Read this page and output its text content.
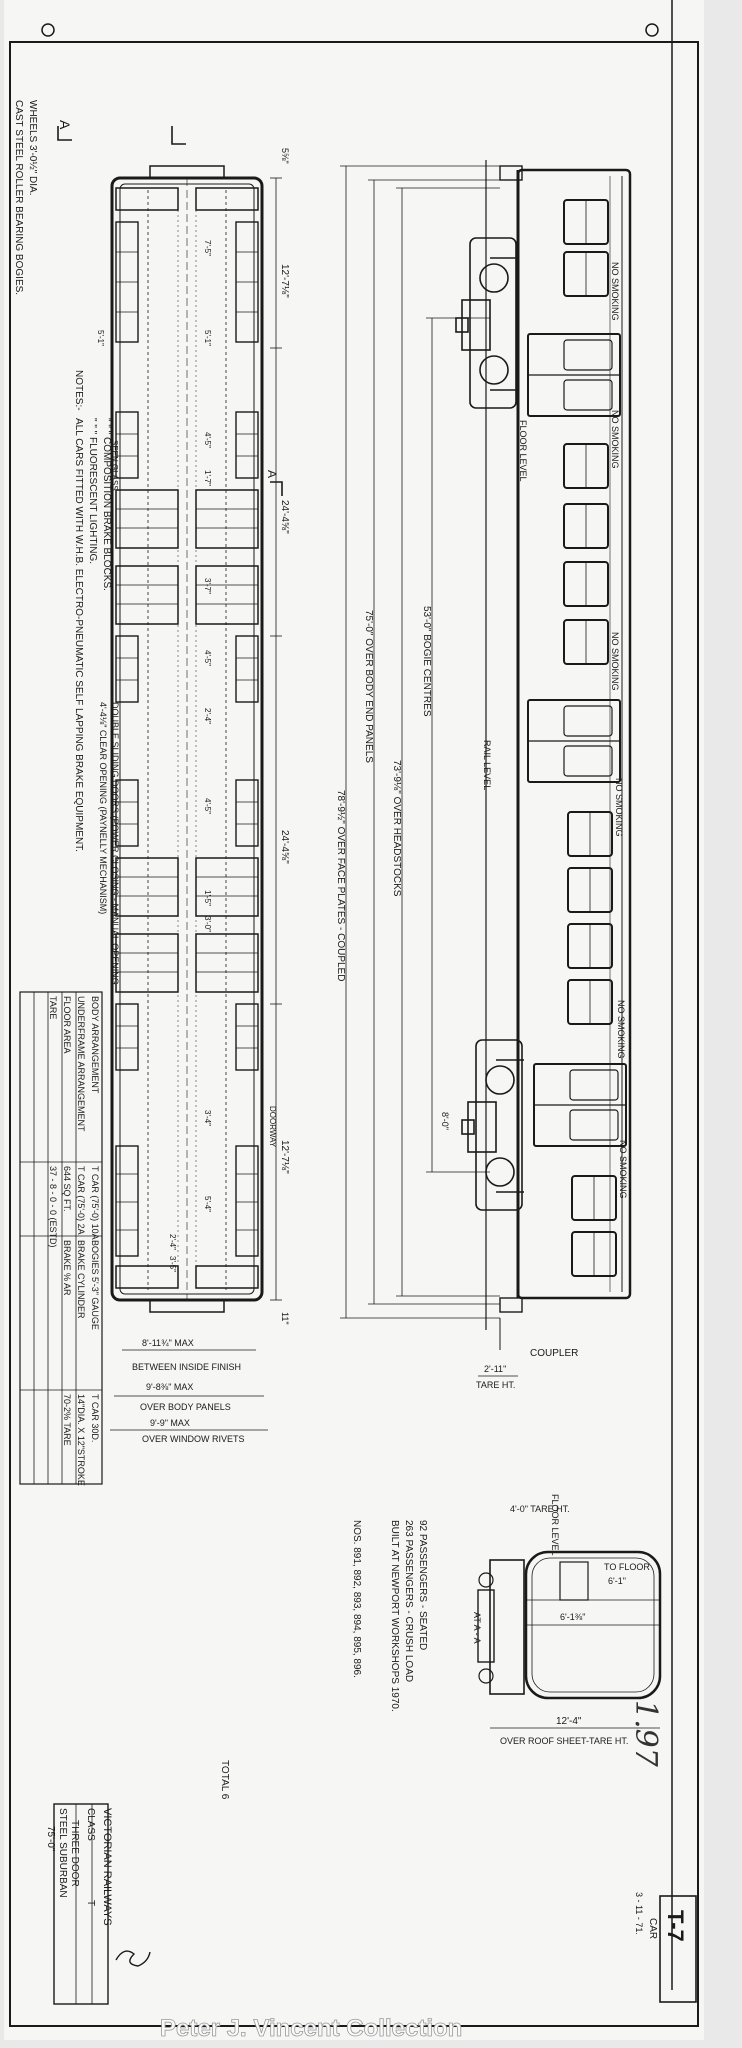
CAST STEEL ROLLER BEARING BOGIES. WHEELS 3'-0½" DIA.
NOTES:-
ALL CARS FITTED WITH W.H.B. ELECTRO-PNEUMATIC SELF LAPPING BRAKE EQUIPMENT. " " " FLUORESCENT LIGHTING. " " " COMPOSITION BRAKE BLOCKS.
A
BODY ARRANGEMENT
T CAR (75'-0) 10A
UNDERFRAME ARRANGEMENT
T CAR (75'-0) 2A
FLOOR AREA
644 SQ FT.
TARE
37 - 8 - 0 - 0 (ESTD)
BOGIES 5'-3" GAUGE
T CAR 30D.
BRAKE CYLINDER
14"DIA. X 12"STROKE
BRAKE % AR
70-2% TARE
7'-5"
5'-1"
4'-5"
1'-7"
3'-7"
4'-5"
2'-4"
4'-5"
1'-5"
3'-0"
3'-4"
5'-4"
3'-5"
2'-4"
5'-1"
SEEN GLASS
DOUBLE SLIDING DOORS (POWER CLOSING - MANUAL OPENING
4'-4⅛" CLEAR OPENING (PAYNELLY MECHANISM)
A
12'-7⅛"
24'-4⅝"
24'-4⅝"
12'-7⅛"
5⅝"
11"
DOORWAY
8'-11¾" MAX
BETWEEN INSIDE FINISH
9'-8⅜" MAX
OVER BODY PANELS
9'-9" MAX
OVER WINDOW RIVETS
78'-9½" OVER FACE PLATES - COUPLED
75'-0" OVER BODY END PANELS
73'-9⅛" OVER HEADSTOCKS
53'-0" BOGIE CENTRES
RAIL LEVEL
FLOOR LEVEL
8'-0"
NO SMOKING
NO SMOKING
NO SMOKING
NO SMOKING
NO SMOKING
NO SMOKING
COUPLER
2'-11"
TARE HT.
FLOOR LEVEL
4'-0" TARE HT.
TO FLOOR
6'-1"
6'-1⅜"
AT A - A
12'-4"
OVER ROOF SHEET-TARE HT.
92 PASSENGERS - SEATED
263 PASSENGERS - CRUSH LOAD
BUILT AT NEWPORT WORKSHOPS 1970.
NOS. 891, 892, 893, 894, 895, 896.
TOTAL 6
VICTORIAN RAILWAYS
CLASS
T
THREE DOOR
STEEL SUBURBAN
75'-0"
T-7
CAR
3 - 11 - 71.
1.97
Peter J. Vincent Collection
